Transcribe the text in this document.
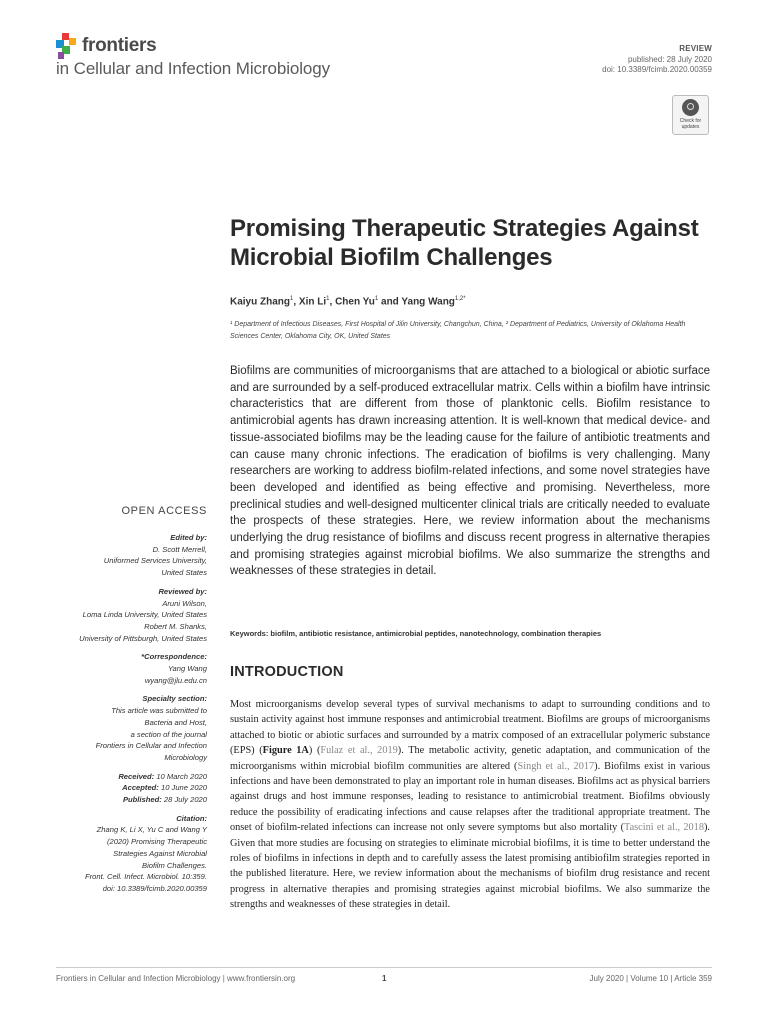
frontiers
in Cellular and Infection Microbiology
REVIEW
published: 28 July 2020
doi: 10.3389/fcimb.2020.00359
Check for updates
Promising Therapeutic Strategies Against Microbial Biofilm Challenges
Kaiyu Zhang$^1$, Xin Li$^1$, Chen Yu$^1$ and Yang Wang$^{1,2*}$
¹ Department of Infectious Diseases, First Hospital of Jilin University, Changchun, China, ² Department of Pediatrics, University of Oklahoma Health Sciences Center, Oklahoma City, OK, United States
Biofilms are communities of microorganisms that are attached to a biological or abiotic surface and are surrounded by a self-produced extracellular matrix. Cells within a biofilm have intrinsic characteristics that are different from those of planktonic cells. Biofilm resistance to antimicrobial agents has drawn increasing attention. It is well-known that medical device- and tissue-associated biofilms may be the leading cause for the failure of antibiotic treatments and can cause many chronic infections. The eradication of biofilms is very challenging. Many researchers are working to address biofilm-related infections, and some novel strategies have been developed and identified as being effective and promising. Nevertheless, more preclinical studies and well-designed multicenter clinical trials are critically needed to evaluate the prospects of these strategies. Here, we review information about the mechanisms underlying the drug resistance of biofilms and discuss recent progress in alternative therapies and promising strategies against microbial biofilms. We also summarize the strengths and weaknesses of these strategies in detail.
Keywords: biofilm, antibiotic resistance, antimicrobial peptides, nanotechnology, combination therapies
OPEN ACCESS
Edited by:
D. Scott Merrell,
Uniformed Services University,
United States
Reviewed by:
Aruni Wilson,
Loma Linda University, United States
Robert M. Shanks,
University of Pittsburgh, United States
*Correspondence:
Yang Wang
wyang@jlu.edu.cn
Specialty section:
This article was submitted to
Bacteria and Host,
a section of the journal
Frontiers in Cellular and Infection
Microbiology
Received: 10 March 2020
Accepted: 10 June 2020
Published: 28 July 2020
Citation:
Zhang K, Li X, Yu C and Wang Y
(2020) Promising Therapeutic
Strategies Against Microbial
Biofilm Challenges.
Front. Cell. Infect. Microbiol. 10:359.
doi: 10.3389/fcimb.2020.00359
INTRODUCTION
Most microorganisms develop several types of survival mechanisms to adapt to surrounding conditions and to sustain activity against host immune responses and antimicrobial treatment. Biofilms are groups of microorganisms attached to biotic or abiotic surfaces and surrounded by a matrix composed of an extracellular polymeric substance (EPS) (Figure 1A) (Fulaz et al., 2019). The metabolic activity, genetic adaptation, and communication of the microorganisms within microbial biofilm communities are altered (Singh et al., 2017). Biofilms exist in various infections and have been demonstrated to play an important role in human diseases. Biofilms act as physical barriers against drugs and host immune responses, leading to resistance to antimicrobial treatment. Biofilms obviously reduce the possibility of eradicating infections and cause relapses after the traditional appropriate treatment. The onset of biofilm-related infections can increase not only severe symptoms but also mortality (Tascini et al., 2018). Given that more studies are focusing on strategies to eliminate microbial biofilms, it is time to better understand the roles of biofilms in infections in depth and to carefully assess the latest promising antibiofilm strategies reported in the published literature. Here, we review information about the mechanisms of biofilm drug resistance and recent progress in alternative therapies and promising strategies against microbial biofilms. We also summarize the strengths and weaknesses of these strategies in detail.
Frontiers in Cellular and Infection Microbiology | www.frontiersin.org	1	July 2020 | Volume 10 | Article 359
